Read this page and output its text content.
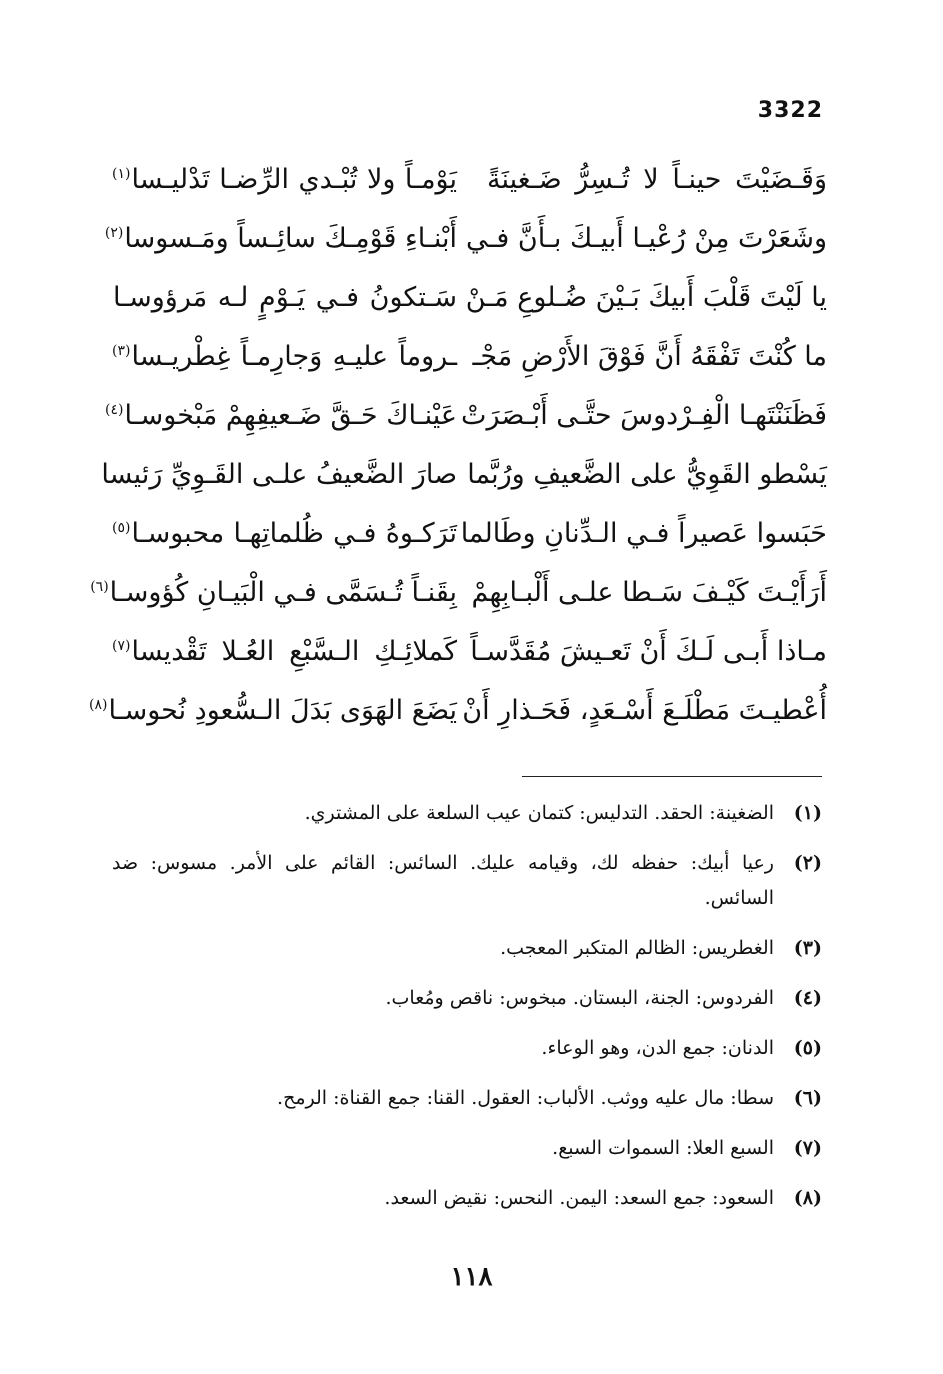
3322
وَقَـضَيْتَ حينـاً لا تُـسِرُّ ضَـغينَةً
يَوْمـاً ولا تُبْـدي الرِّضـا تَدْليـسا$^{(١)}$
وشَعَرْتَ مِنْ رُعْيـا أَبيـكَ بـأَنَّ فـي
أَبْنـاءِ قَوْمِـكَ سائِـساً ومَـسوسا$^{(٢)}$
يا لَيْتَ قَلْبَ أَبيكَ بَـيْنَ ضُـلوعِ مَـنْ
سَـتكونُ فـي يَـوْمٍ لـه مَرؤوسـا
ما كُنْتَ تَفْقَهُ أَنَّ فَوْقَ الأَرْضِ مَجْـ
ـروماً عليـهِ وَجارِمـاً غِطْريـسا$^{(٣)}$
فَظَنَنْتَهـا الْفِـرْدوسَ حتَّـى أَبْـصَرَتْ
عَيْنـاكَ حَـقَّ ضَـعيفِهِمْ مَبْخوسـا$^{(٤)}$
يَسْطو القَوِيُّ على الضَّعيفِ ورُبَّما
صارَ الضَّعيفُ علـى القَـوِيِّ رَئيسا
حَبَسوا عَصيراً فـي الـدِّنانِ وطَالما
تَرَكـوهُ فـي ظُلماتِهـا محبوسـا$^{(٥)}$
أَرَأَيْـتَ كَيْـفَ سَـطا علـى أَلْبـابِهِمْ
بِقَنـاً تُـسَمَّى فـي الْبَيـانِ كُؤوسـا$^{(٦)}$
مـاذا أَبـى لَـكَ أَنْ تَعـيشَ مُقَدَّسـاً
كَملائِـكِ الـسَّبْعِ العُـلا تَقْديسا$^{(٧)}$
أُعْطيـتَ مَطْلَـعَ أَسْـعَدٍ، فَحَـذارِ أَنْ
يَضَعَ الهَوَى بَدَلَ الـسُّعودِ نُحوسـا$^{(٨)}$
(١)
الضغينة: الحقد. التدليس: كتمان عيب السلعة على المشتري.
(٢)
رعيا أبيك: حفظه لك، وقيامه عليك. السائس: القائم على الأمر. مسوس: ضد السائس.
(٣)
الغطريس: الظالم المتكبر المعجب.
(٤)
الفردوس: الجنة، البستان. مبخوس: ناقص ومُعاب.
(٥)
الدنان: جمع الدن، وهو الوعاء.
(٦)
سطا: مال عليه ووثب. الألباب: العقول. القنا: جمع القناة: الرمح.
(٧)
السبع العلا: السموات السبع.
(٨)
السعود: جمع السعد: اليمن. النحس: نقيض السعد.
١١٨
